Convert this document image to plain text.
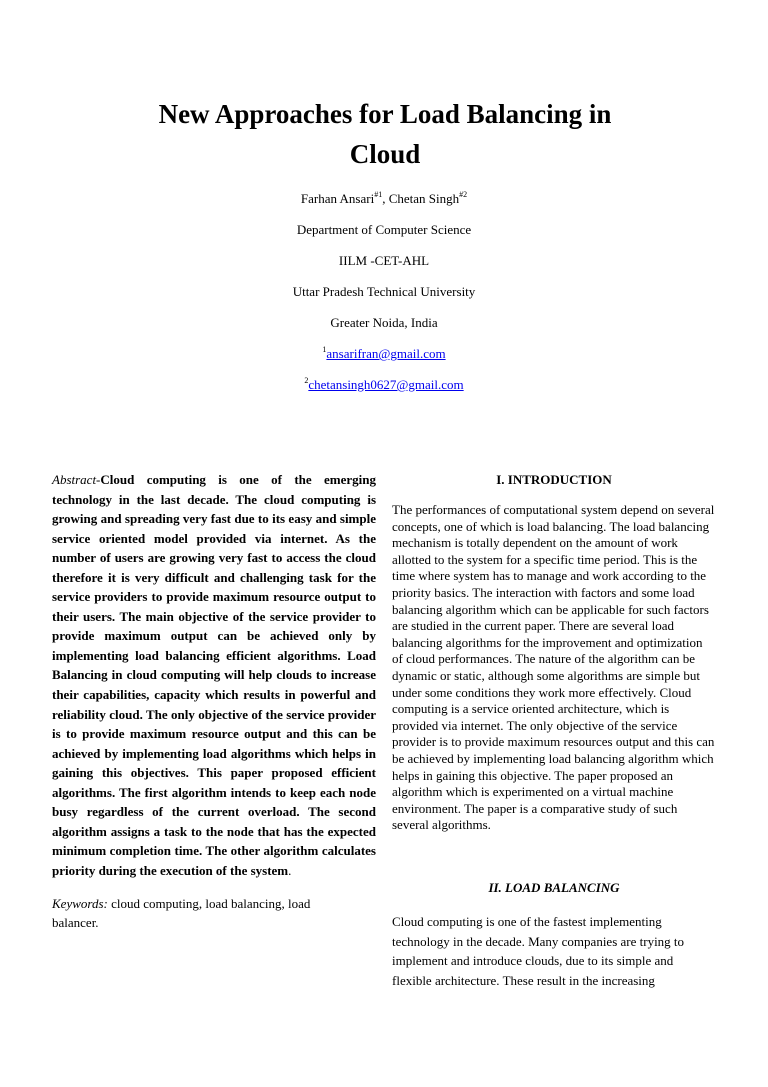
New Approaches for Load Balancing in
Cloud
Farhan Ansari$^{\#1}$, Chetan Singh$^{\#2}$
Department of Computer Science
IILM -CET-AHL
Uttar Pradesh Technical University
Greater Noida, India
$^1$ansarifran@gmail.com
$^2$chetansingh0627@gmail.com

Abstract-Cloud computing is one of the emerging technology in the last decade. The cloud computing is growing and spreading very fast due to its easy and simple service oriented model provided via internet. As the number of users are growing very fast to access the cloud therefore it is very difficult and challenging task for the service providers to provide maximum resource output to their users. The main objective of the service provider to provide maximum output can be achieved only by implementing load balancing efficient algorithms. Load Balancing in cloud computing will help clouds to increase their capabilities, capacity which results in powerful and reliability cloud. The only objective of the service provider is to provide maximum resource output and this can be achieved by implementing load algorithms which helps in gaining this objectives. This paper proposed efficient algorithms. The first algorithm intends to keep each node busy regardless of the current overload. The second algorithm assigns a task to the node that has the expected minimum completion time. The other algorithm calculates priority during the execution of the system.

Keywords: cloud computing, load balancing, load balancer.

I. INTRODUCTION

The performances of computational system depend on several concepts, one of which is load balancing. The load balancing mechanism is totally dependent on the amount of work allotted to the system for a specific time period. This is the time where system has to manage and work according to the priority basics. The interaction with factors and some load balancing algorithm which can be applicable for such factors are studied in the current paper. There are several load balancing algorithms for the improvement and optimization of cloud performances. The nature of the algorithm can be dynamic or static, although some algorithms are simple but under some conditions they work more effectively. Cloud computing is a service oriented architecture, which is provided via internet. The only objective of the service provider is to provide maximum resources output and this can be achieved by implementing load balancing algorithm which helps in gaining this objective. The paper proposed an algorithm which is experimented on a virtual machine environment. The paper is a comparative study of such several algorithms.

II. LOAD BALANCING

Cloud computing is one of the fastest implementing technology in the decade. Many companies are trying to implement and introduce clouds, due to its simple and flexible architecture. These result in the increasing
